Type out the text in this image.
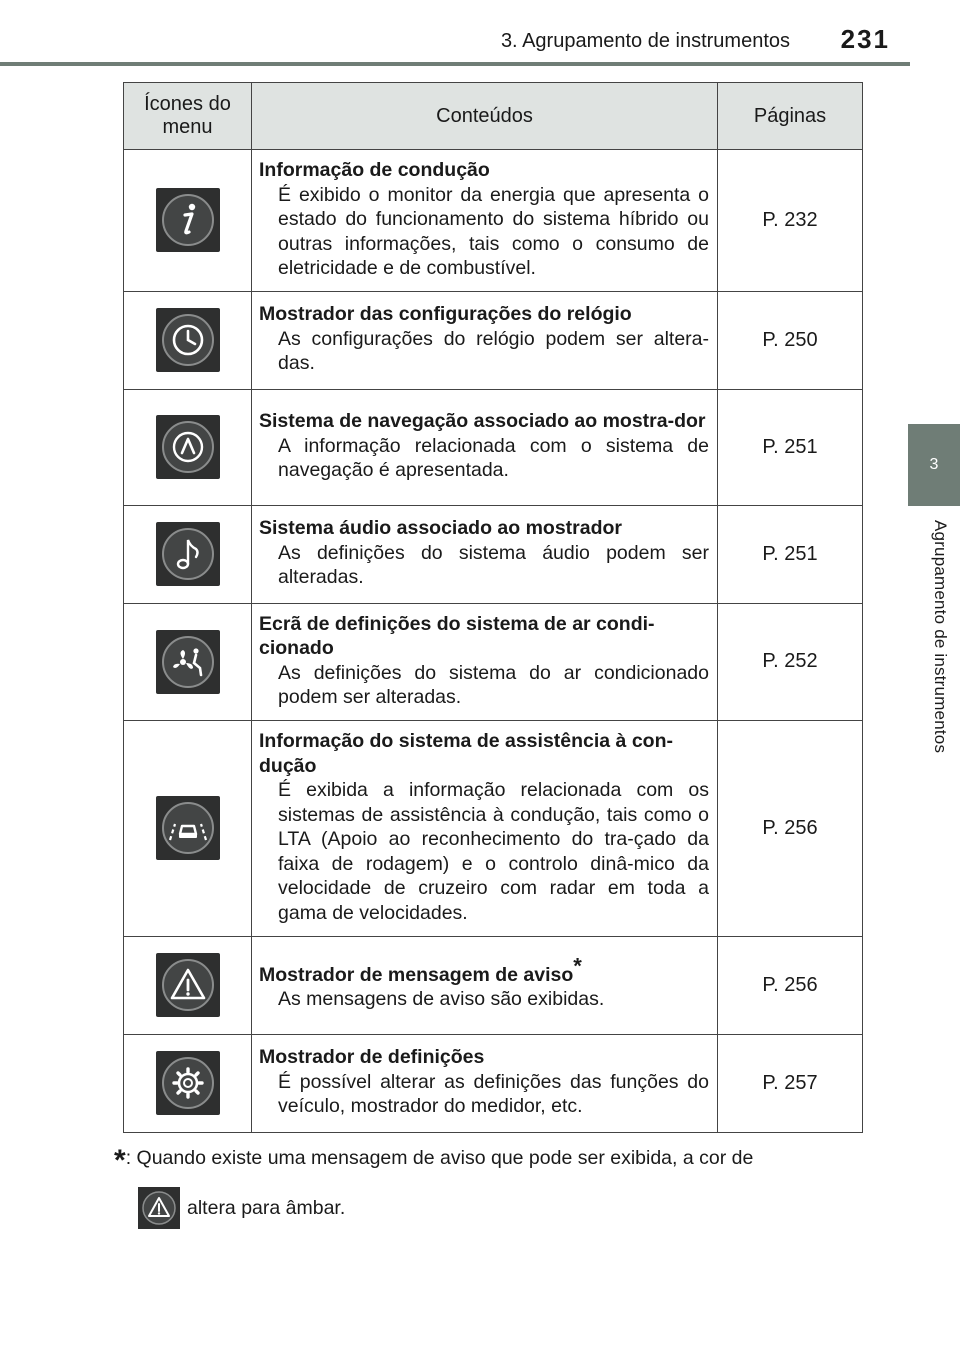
3. Agrupamento de instrumentos 231
3
Agrupamento de instrumentos
Ícones do menu	Conteúdos	Páginas

Informação de condução
É exibido o monitor da energia que apresenta o estado do funcionamento do sistema híbrido ou outras informações, tais como o consumo de eletricidade e de combustível.	P. 232

Mostrador das configurações do relógio
As configurações do relógio podem ser altera-das.	P. 250

Sistema de navegação associado ao mostra-dor
A informação relacionada com o sistema de navegação é apresentada.	P. 251

Sistema áudio associado ao mostrador
As definições do sistema áudio podem ser alteradas.	P. 251

Ecrã de definições do sistema de ar condi-cionado
As definições do sistema do ar condicionado podem ser alteradas.	P. 252

Informação do sistema de assistência à con-dução
É exibida a informação relacionada com os sistemas de assistência à condução, tais como o LTA (Apoio ao reconhecimento do tra-çado da faixa de rodagem) e o controlo dinâ-mico da velocidade de cruzeiro com radar em toda a gama de velocidades.	P. 256

Mostrador de mensagem de aviso*
As mensagens de aviso são exibidas.	P. 256

Mostrador de definições
É possível alterar as definições das funções do veículo, mostrador do medidor, etc.	P. 257
*: Quando existe uma mensagem de aviso que pode ser exibida, a cor de
altera para âmbar.
